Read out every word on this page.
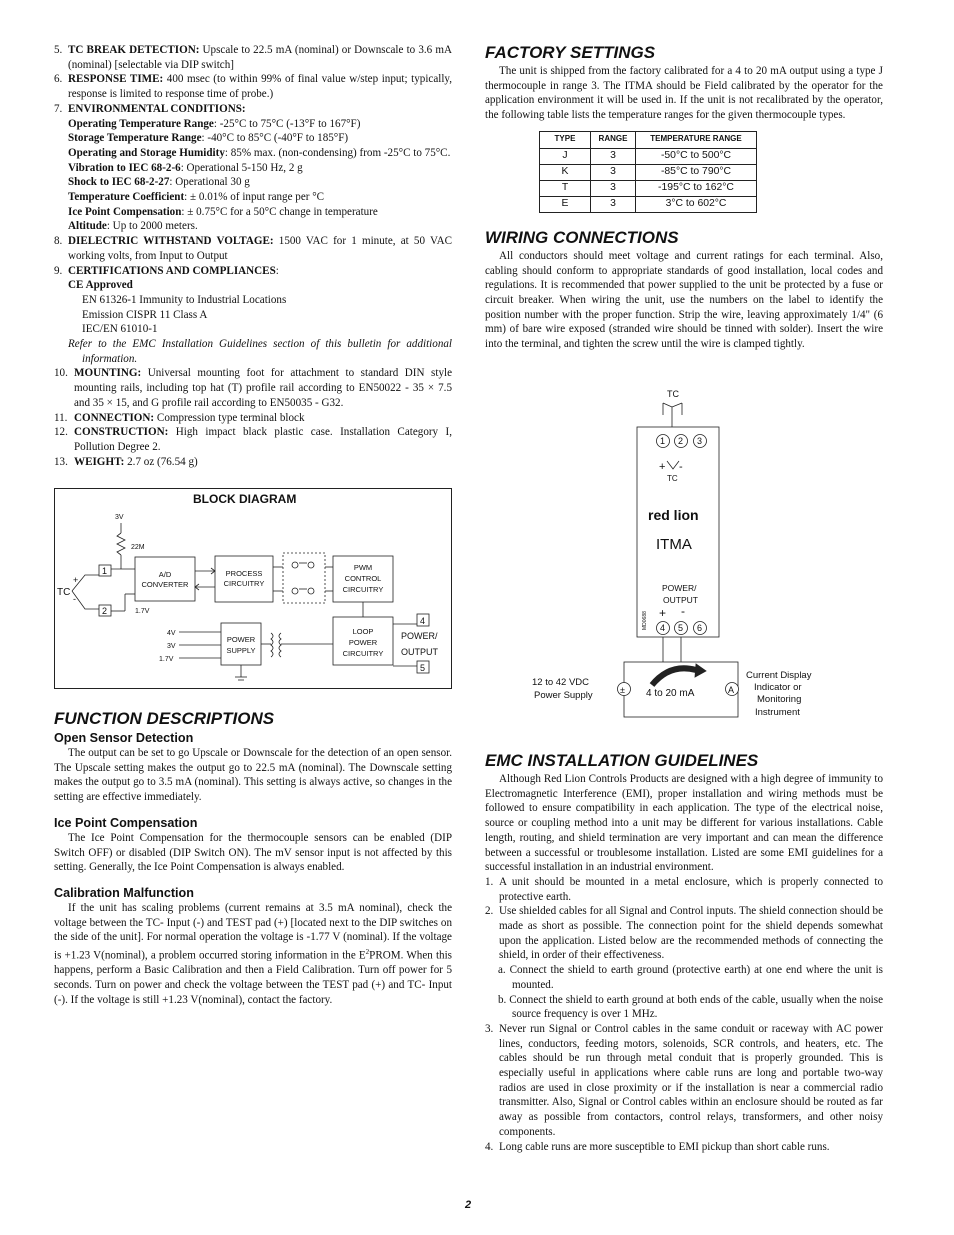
5. TC BREAK DETECTION: Upscale to 22.5 mA (nominal) or Downscale to 3.6 mA (nominal) [selectable via DIP switch]
6. RESPONSE TIME: 400 msec (to within 99% of final value w/step input; typically, response is limited to response time of probe.)
7. ENVIRONMENTAL CONDITIONS:
Operating Temperature Range: -25°C to 75°C (-13°F to 167°F)
Storage Temperature Range: -40°C to 85°C (-40°F to 185°F)
Operating and Storage Humidity: 85% max. (non-condensing) from -25°C to 75°C.
Vibration to IEC 68-2-6: Operational 5-150 Hz, 2 g
Shock to IEC 68-2-27: Operational 30 g
Temperature Coefficient: ± 0.01% of input range per °C
Ice Point Compensation: ± 0.75°C for a 50°C change in temperature
Altitude: Up to 2000 meters.
8. DIELECTRIC WITHSTAND VOLTAGE: 1500 VAC for 1 minute, at 50 VAC working volts, from Input to Output
9. CERTIFICATIONS AND COMPLIANCES:
CE Approved
EN 61326-1 Immunity to Industrial Locations
Emission CISPR 11 Class A
IEC/EN 61010-1
Refer to the EMC Installation Guidelines section of this bulletin for additional information.
10. MOUNTING: Universal mounting foot for attachment to standard DIN style mounting rails, including top hat (T) profile rail according to EN50022 - 35 × 7.5 and 35 × 15, and G profile rail according to EN50035 - G32.
11. CONNECTION: Compression type terminal block
12. CONSTRUCTION: High impact black plastic case. Installation Category I, Pollution Degree 2.
13. WEIGHT: 2.7 oz (76.54 g)
BLOCK DIAGRAM
3V
22M
TC
+
-
1
2	1.7V
A/D
CONVERTER
PROCESS
CIRCUITRY
PWM
CONTROL
CIRCUITRY
4V
3V
1.7V
POWER
SUPPLY
LOOP
POWER
CIRCUITRY
4
5
POWER/
OUTPUT
FUNCTION DESCRIPTIONS
Open Sensor Detection

The output can be set to go Upscale or Downscale for the detection of an open sensor. The Upscale setting makes the output go to 22.5 mA (nominal). The Downscale setting makes the output go to 3.5 mA (nominal). This setting is always active, so changes in the setting are effective immediately.

Ice Point Compensation

The Ice Point Compensation for the thermocouple sensors can be enabled (DIP Switch OFF) or disabled (DIP Switch ON). The mV sensor input is not affected by this setting. Generally, the Ice Point Compensation is always enabled.

Calibration Malfunction

If the unit has scaling problems (current remains at 3.5 mA nominal), check the voltage between the TC- Input (-) and TEST pad (+) [located next to the DIP switches on the side of the unit]. For normal operation the voltage is -1.77 V (nominal). If the voltage is +1.23 V(nominal), a problem occurred storing information in the $E^2PROM$. When this happens, perform a Basic Calibration and then a Field Calibration. Turn off power for 5 seconds. Turn on power and check the voltage between the TEST pad (+) and TC- Input (-). If the voltage is still +1.23 V(nominal), contact the factory.

FACTORY SETTINGS

The unit is shipped from the factory calibrated for a 4 to 20 mA output using a type J thermocouple in range 3. The ITMA should be Field calibrated by the operator for the application environment it will be used in. If the unit is not recalibrated by the operator, the following table lists the temperature ranges for the given thermocouple types.

TYPE	RANGE	TEMPERATURE RANGE
J	3	-50°C to 500°C
K	3	-85°C to 790°C
T	3	-195°C to 162°C
E	3	3°C to 602°C
WIRING CONNECTIONS

All conductors should meet voltage and current ratings for each terminal. Also, cabling should conform to appropriate standards of good installation, local codes and regulations. It is recommended that power supplied to the unit be protected by a fuse or circuit breaker. When wiring the unit, use the numbers on the label to identify the position number with the proper function. Strip the wire, leaving approximately 1/4" (6 mm) of bare wire exposed (stranded wire should be tinned with solder). Insert the wire into the terminal, and tighten the screw until the wire is clamped tightly.

TC
1 2 3
+ -
TC
red lion
ITMA
POWER/
OUTPUT
MD0688 + -
4 5 6
±	A
4 to 20 mA
12 to 42 VDC
Power Supply
Current Display
Indicator or
Monitoring
Instrument
EMC INSTALLATION GUIDELINES

Although Red Lion Controls Products are designed with a high degree of immunity to Electromagnetic Interference (EMI), proper installation and wiring methods must be followed to ensure compatibility in each application. The type of the electrical noise, source or coupling method into a unit may be different for various installations. Cable length, routing, and shield termination are very important and can mean the difference between a successful or troublesome installation. Listed are some EMI guidelines for a successful installation in an industrial environment.

1. A unit should be mounted in a metal enclosure, which is properly connected to protective earth.
2. Use shielded cables for all Signal and Control inputs. The shield connection should be made as short as possible. The connection point for the shield depends somewhat upon the application. Listed below are the recommended methods of connecting the shield, in order of their effectiveness.
a. Connect the shield to earth ground (protective earth) at one end where the unit is mounted.
b. Connect the shield to earth ground at both ends of the cable, usually when the noise source frequency is over 1 MHz.
3. Never run Signal or Control cables in the same conduit or raceway with AC power lines, conductors, feeding motors, solenoids, SCR controls, and heaters, etc. The cables should be run through metal conduit that is properly grounded. This is especially useful in applications where cable runs are long and portable two-way radios are used in close proximity or if the installation is near a commercial radio transmitter. Also, Signal or Control cables within an enclosure should be routed as far away as possible from contactors, control relays, transformers, and other noisy components.
4. Long cable runs are more susceptible to EMI pickup than short cable runs.
2
